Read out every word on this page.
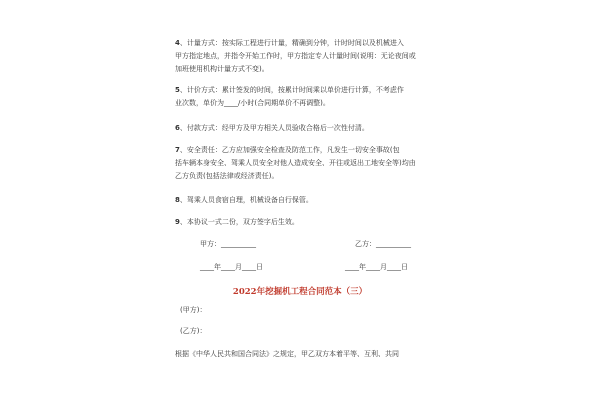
4、计量方式：按实际工程进行计量，精确到分钟，计时时间以及机械进入

甲方指定地点，并指令开始工作时，甲方指定专人计量时间(说明：无论夜间或

加班使用机构计量方式不变)。

5、计价方式：累计签发的时间，按累计时间乘以单价进行计算，不考虑作

业次数，单价为____/小时(合同期单价不再调整)。

6、付款方式：经甲方及甲方相关人员验收合格后一次性付清。

7、安全责任：乙方应加强安全检查及防范工作，凡发生一切安全事故(包

括车辆本身安全、驾乘人员安全对他人造成安全、开往或返出工地安全等)均由

乙方负责(包括法律或经济责任)。

8、驾乘人员食宿自理，机械设备自行保管。

9、本协议一式二份，双方签字后生效。

甲方：__________	乙方：__________

____年____月____日	____年____月____日

2022年挖掘机工程合同范本（三）

(甲方)：

(乙方)：

根据《中华人民共和国合同法》之规定，甲乙双方本着平等、互利、共同
